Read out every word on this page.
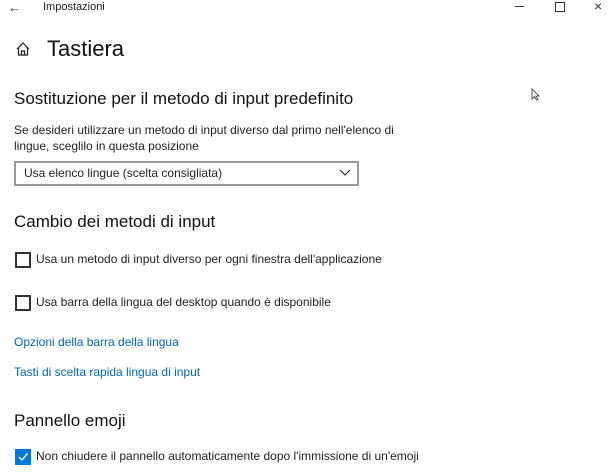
← Impostazioni	×
Tastiera
Sostituzione per il metodo di input predefinito
Se desideri utilizzare un metodo di input diverso dal primo nell'elenco di
lingue, sceglilo in questa posizione
Usa elenco lingue (scelta consigliata)
Cambio dei metodi di input
Usa un metodo di input diverso per ogni finestra dell'applicazione
Usa barra della lingua del desktop quando è disponibile
Opzioni della barra della lingua
Tasti di scelta rapida lingua di input
Pannello emoji
Non chiudere il pannello automaticamente dopo l'immissione di un'emoji
